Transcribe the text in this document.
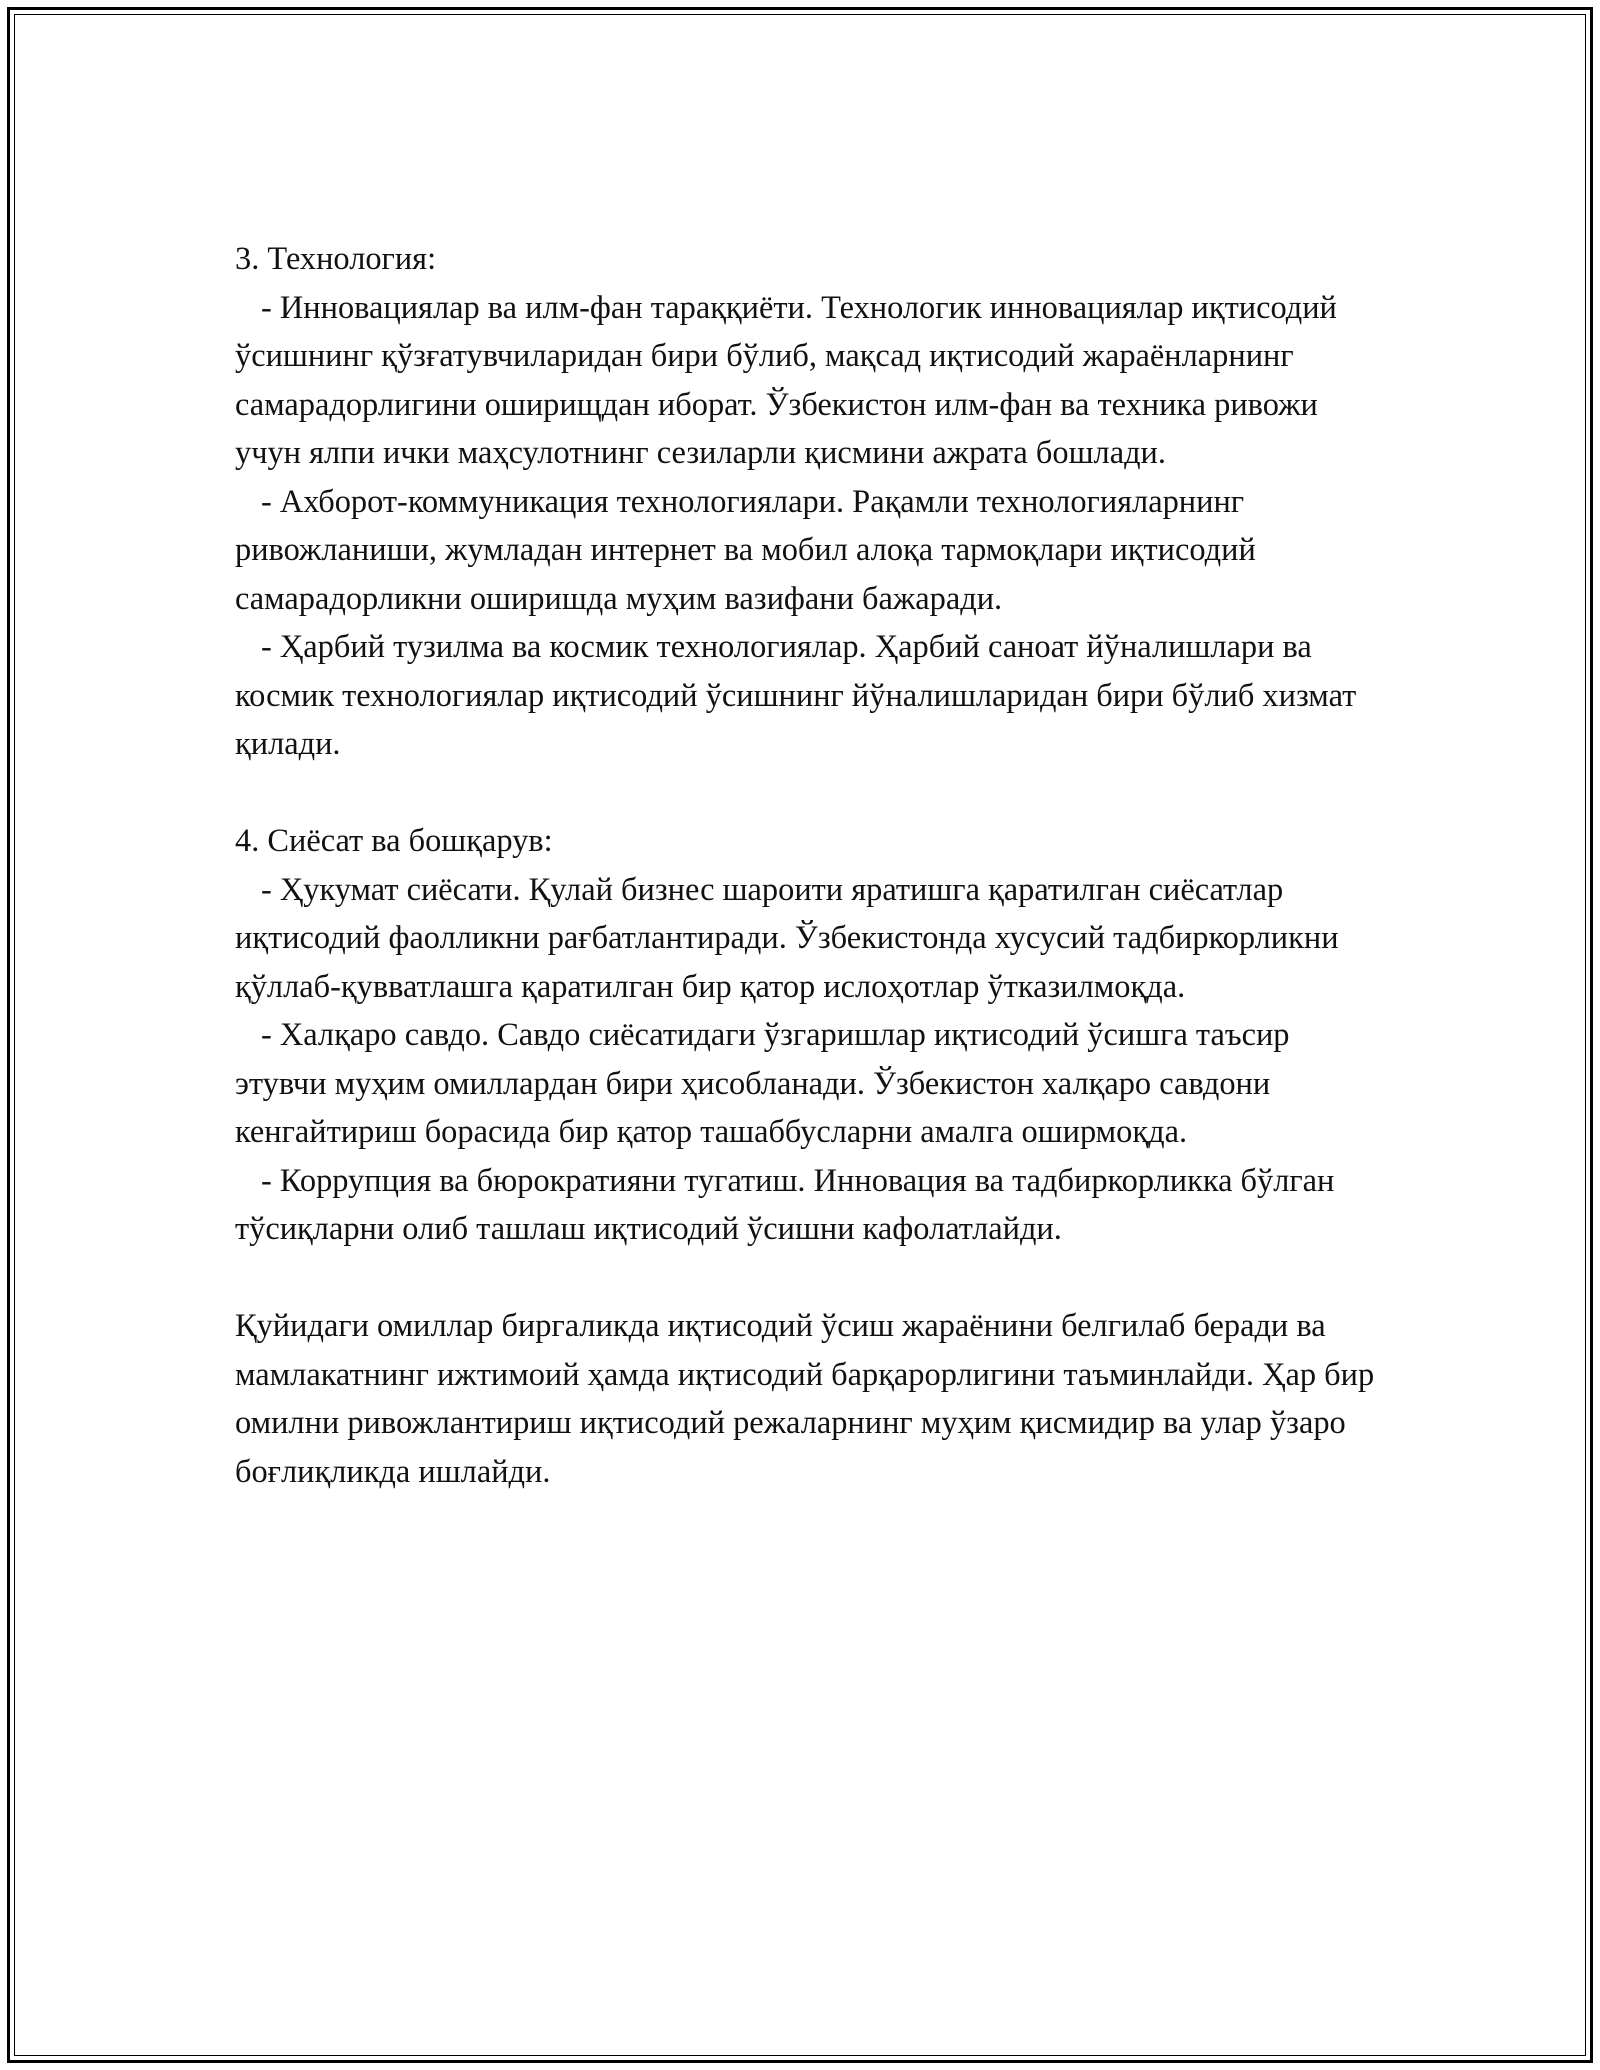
3. Технология:

- Инновациялар ва илм-фан тараққиёти. Технологик инновациялар иқтисодий ўсишнинг қўзғатувчиларидан бири бўлиб, мақсад иқтисодий жараёнларнинг самарадорлигини оширищдан иборат. Ўзбекистон илм-фан ва техника ривожи учун ялпи ички маҳсулотнинг сезиларли қисмини ажрата бошлади.

- Ахборот-коммуникация технологиялари. Рақамли технологияларнинг ривожланиши, жумладан интернет ва мобил алоқа тармоқлари иқтисодий самарадорликни оширишда муҳим вазифани бажаради.

- Ҳарбий тузилма ва космик технологиялар. Ҳарбий саноат йўналишлари ва космик технологиялар иқтисодий ўсишнинг йўналишларидан бири бўлиб хизмат қилади.

4. Сиёсат ва бошқарув:

- Ҳукумат сиёсати. Қулай бизнес шароити яратишга қаратилган сиёсатлар иқтисодий фаолликни рағбатлантиради. Ўзбекистонда хусусий тадбиркорликни қўллаб-қувватлашга қаратилган бир қатор ислоҳотлар ўтказилмоқда.

- Халқаро савдо. Савдо сиёсатидаги ўзгаришлар иқтисодий ўсишга таъсир этувчи муҳим омиллардан бири ҳисобланади. Ўзбекистон халқаро савдони кенгайтириш борасида бир қатор ташаббусларни амалга оширмоқда.

- Коррупция ва бюрократияни тугатиш. Инновация ва тадбиркорликка бўлган тўсиқларни олиб ташлаш иқтисодий ўсишни кафолатлайди.

Қуйидаги омиллар биргаликда иқтисодий ўсиш жараёнини белгилаб беради ва мамлакатнинг ижтимоий ҳамда иқтисодий барқарорлигини таъминлайди. Ҳар бир омилни ривожлантириш иқтисодий режаларнинг муҳим қисмидир ва улар ўзаро боғлиқликда ишлайди.
